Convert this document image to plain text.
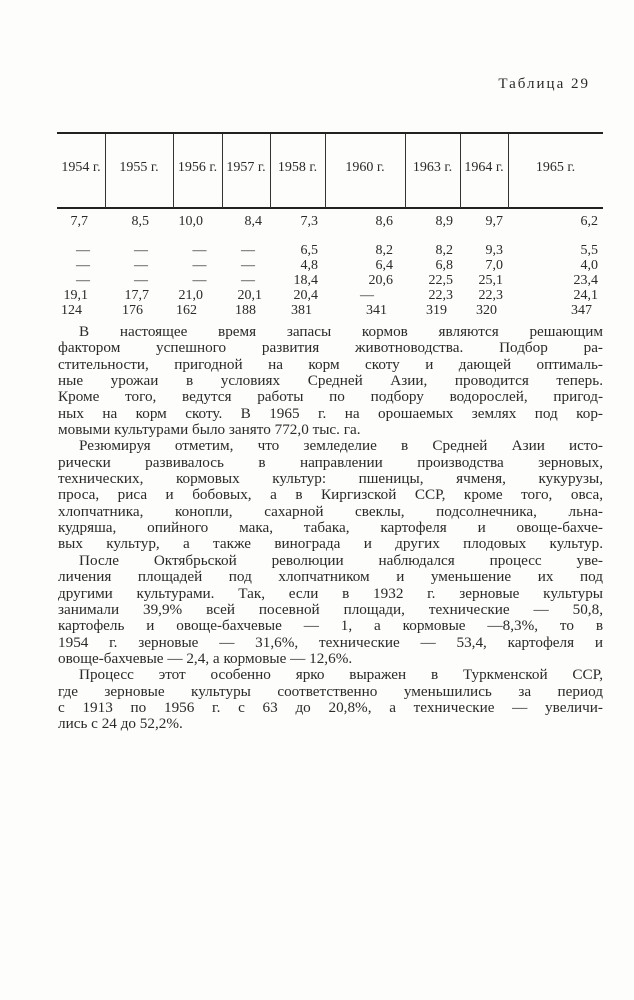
Таблица 29
1954 г.	1955 г.	1956 г. 1957 г. 1958 г.	1960 г.	1963 г. 1964 г.	1965 г.
7,7	8,5	10,0	8,4	7,3	8,6	8,9	9,7	6,2
—	—	—	—	6,5	8,2	8,2	9,3	5,5
—	—	—	—	4,8	6,4	6,8	7,0	4,0
—	—	—	—	18,4	20,6	22,5	25,1	23,4
19,1	17,7	21,0	20,1	20,4	—	22,3	22,3	24,1
124	176	162	188	381	341	319	320	347
В настоящее время запасы кормов являются решающим
фактором успешного развития животноводства. Подбор ра-
стительности, пригодной на корм скоту и дающей оптималь-
ные урожаи в условиях Средней Азии, проводится теперь.
Кроме того, ведутся работы по подбору водорослей, пригод-
ных на корм скоту. В 1965 г. на орошаемых землях под кор-
мовыми культурами было занято 772,0 тыс. га.
Резюмируя отметим, что земледелие в Средней Азии исто-
рически развивалось в направлении производства зерновых,
технических, кормовых культур: пшеницы, ячменя, кукурузы,
проса, риса и бобовых, а в Киргизской ССР, кроме того, овса,
хлопчатника, конопли, сахарной свеклы, подсолнечника, льна-
кудряша, опийного мака, табака, картофеля и овоще-бахче-
вых культур, а также винограда и других плодовых культур.
После Октябрьской революции наблюдался процесс уве-
личения площадей под хлопчатником и уменьшение их под
другими культурами. Так, если в 1932 г. зерновые культуры
занимали 39,9% всей посевной площади, технические — 50,8,
картофель и овоще-бахчевые — 1, а кормовые —8,3%, то в
1954 г. зерновые — 31,6%, технические — 53,4, картофеля и
овоще-бахчевые — 2,4, а кормовые — 12,6%.
Процесс этот особенно ярко выражен в Туркменской ССР,
где зерновые культуры соответственно уменьшились за период
с 1913 по 1956 г. с 63 до 20,8%, а технические — увеличи-
лись с 24 до 52,2%.
